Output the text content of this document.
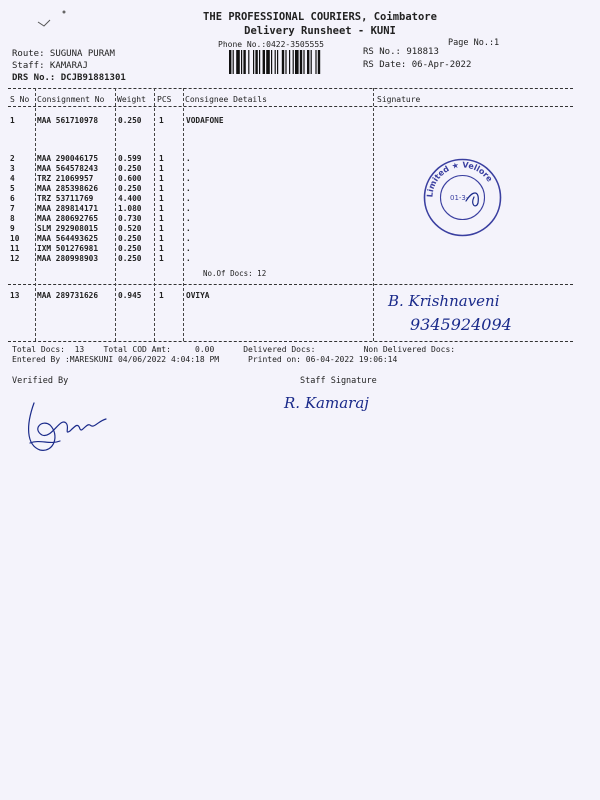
THE PROFESSIONAL COURIERS, Coimbatore
Delivery Runsheet - KUNI
Phone No.:0422-3505555	Page No.:1
Route: SUGUNA PURAM
Staff: KAMARAJ
DRS No.: DCJB91881301
RS No.: 918813
RS Date: 06-Apr-2022
S No Consignment No Weight PCS Consignee Details	Signature
1	MAA 561710978	0.250 1	VODAFONE
2	MAA 290046175	0.599 1	.
3	MAA 564578243	0.250 1	.
4	TRZ 21069957	0.600 1	.
5	MAA 285398626	0.250 1	.
6	TRZ 53711769	4.400 1	.
7	MAA 289814171	1.080 1	.
8	MAA 280692765	0.730 1	.
9	SLM 292908015	0.520 1	.
10 MAA 564493625	0.250 1	.
11 IXM 501276981	0.250 1	.
12 MAA 280998903	0.250 1	.
No.Of Docs: 12
13 MAA 289731626	0.945 1	OVIYA
Limited ★ Vellore
01-3-
B. Krishnaveni
9345924094
Total Docs:  13    Total COD Amt:     0.00      Delivered Docs:          Non Delivered Docs:
Entered By :MARESKUNI 04/06/2022 4:04:18 PM      Printed on: 06-04-2022 19:06:14
Verified By	Staff Signature
R. Kamaraj
